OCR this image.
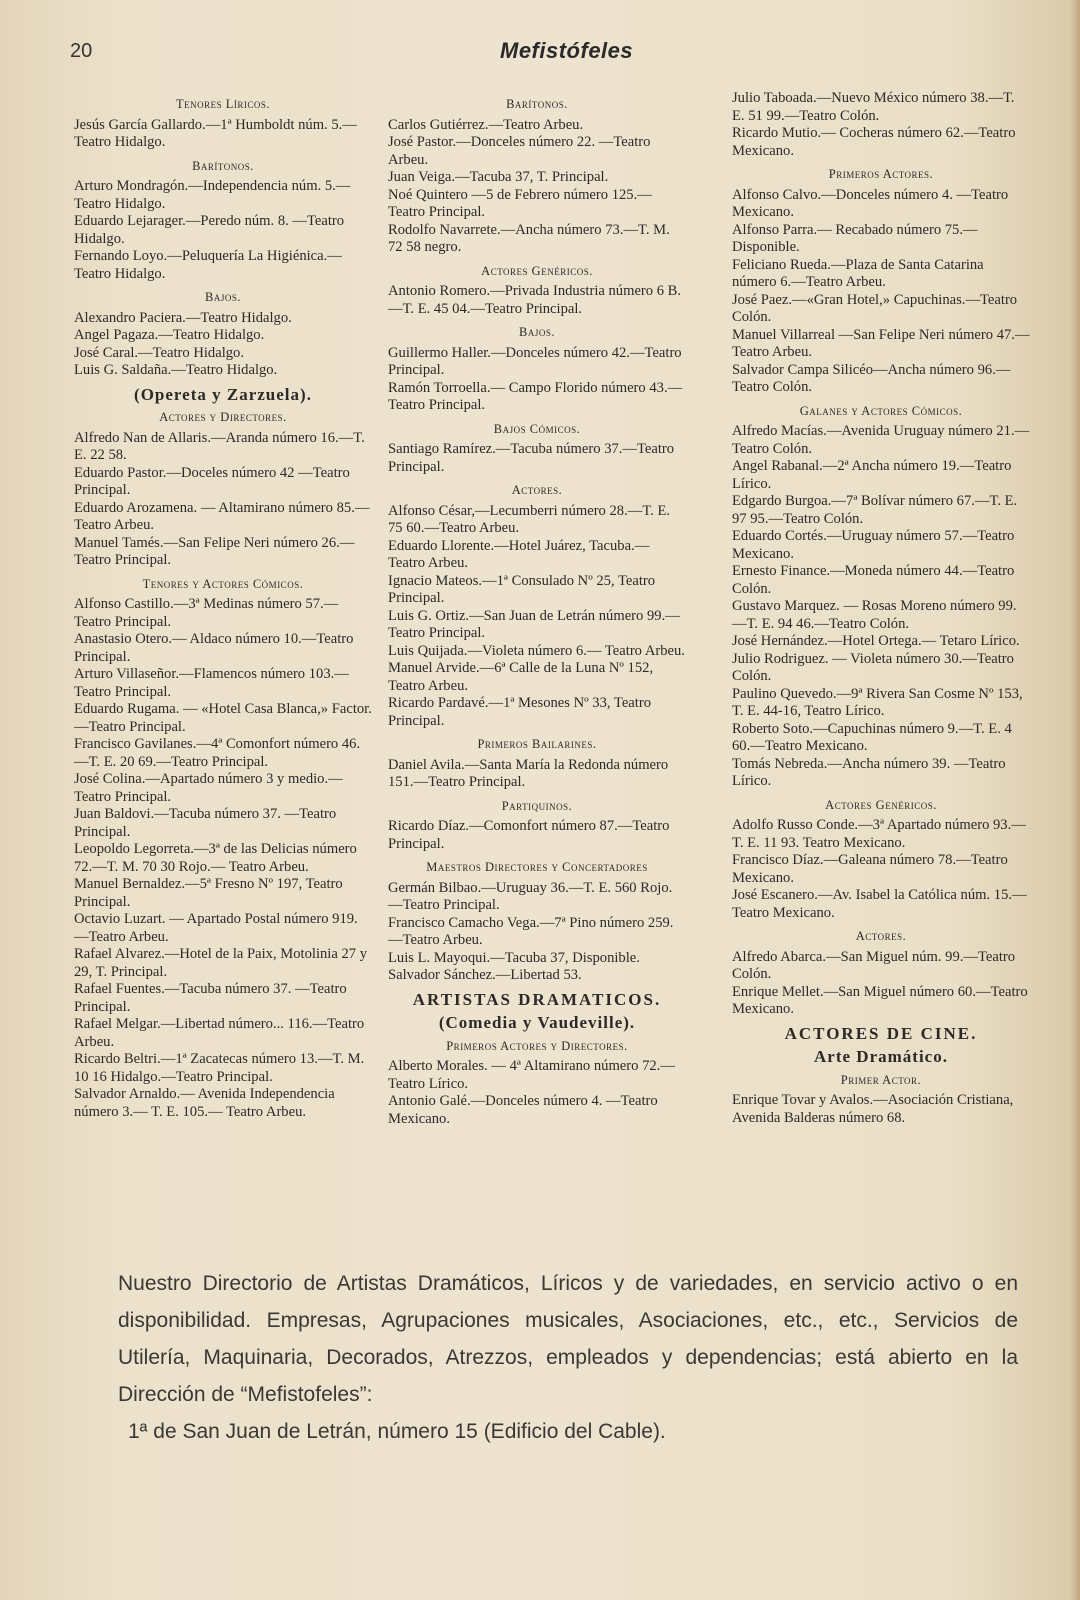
20	Mefistófeles
Tenores Líricos.
Jesús García Gallardo.—1ª Humboldt núm. 5.—Teatro Hidalgo.
Barítonos.
Arturo Mondragón.—Independencia núm. 5.—Teatro Hidalgo.
Eduardo Lejarager.—Peredo núm. 8. —Teatro Hidalgo.
Fernando Loyo.—Peluquería La Higiénica.—Teatro Hidalgo.
Bajos.
Alexandro Paciera.—Teatro Hidalgo.
Angel Pagaza.—Teatro Hidalgo.
José Caral.—Teatro Hidalgo.
Luis G. Saldaña.—Teatro Hidalgo.
(Opereta y Zarzuela).
Actores y Directores.
Alfredo Nan de Allaris.—Aranda número 16.—T. E. 22 58.
Eduardo Pastor.—Doceles número 42 —Teatro Principal.
Eduardo Arozamena. — Altamirano número 85.—Teatro Arbeu.
Manuel Tamés.—San Felipe Neri número 26.—Teatro Principal.
Tenores y Actores Cómicos.
Alfonso Castillo.—3ª Medinas número 57.—Teatro Principal.
Anastasio Otero.— Aldaco número 10.—Teatro Principal.
Arturo Villaseñor.—Flamencos número 103.—Teatro Principal.
Eduardo Rugama. — «Hotel Casa Blanca,» Factor.—Teatro Principal.
Francisco Gavilanes.—4ª Comonfort número 46.—T. E. 20 69.—Teatro Principal.
José Colina.—Apartado número 3 y medio.—Teatro Principal.
Juan Baldovi.—Tacuba número 37. —Teatro Principal.
Leopoldo Legorreta.—3ª de las Delicias número 72.—T. M. 70 30 Rojo.— Teatro Arbeu.
Manuel Bernaldez.—5ª Fresno Nº 197, Teatro Principal.
Octavio Luzart. — Apartado Postal número 919.—Teatro Arbeu.
Rafael Alvarez.—Hotel de la Paix, Motolinia 27 y 29, T. Principal.
Rafael Fuentes.—Tacuba número 37. —Teatro Principal.
Rafael Melgar.—Libertad número... 116.—Teatro Arbeu.
Ricardo Beltri.—1ª Zacatecas número 13.—T. M. 10 16 Hidalgo.—Teatro Principal.
Salvador Arnaldo.— Avenida Independencia número 3.— T. E. 105.— Teatro Arbeu.
Barítonos.
Carlos Gutiérrez.—Teatro Arbeu.
José Pastor.—Donceles número 22. —Teatro Arbeu.
Juan Veiga.—Tacuba 37, T. Principal.
Noé Quintero —5 de Febrero número 125.—Teatro Principal.
Rodolfo Navarrete.—Ancha número 73.—T. M. 72 58 negro.
Actores Genéricos.
Antonio Romero.—Privada Industria número 6 B.—T. E. 45 04.—Teatro Principal.
Bajos.
Guillermo Haller.—Donceles número 42.—Teatro Principal.
Ramón Torroella.— Campo Florido número 43.—Teatro Principal.
Bajos Cómicos.
Santiago Ramírez.—Tacuba número 37.—Teatro Principal.
Actores.
Alfonso César,—Lecumberri número 28.—T. E. 75 60.—Teatro Arbeu.
Eduardo Llorente.—Hotel Juárez, Tacuba.—Teatro Arbeu.
Ignacio Mateos.—1ª Consulado Nº 25, Teatro Principal.
Luis G. Ortiz.—San Juan de Letrán número 99.—Teatro Principal.
Luis Quijada.—Violeta número 6.— Teatro Arbeu.
Manuel Arvide.—6ª Calle de la Luna Nº 152, Teatro Arbeu.
Ricardo Pardavé.—1ª Mesones Nº 33, Teatro Principal.
Primeros Bailarines.
Daniel Avila.—Santa María la Redonda número 151.—Teatro Principal.
Partiquinos.
Ricardo Díaz.—Comonfort número 87.—Teatro Principal.
Maestros Directores y Concertadores
Germán Bilbao.—Uruguay 36.—T. E. 560 Rojo.—Teatro Principal.
Francisco Camacho Vega.—7ª Pino número 259.—Teatro Arbeu.
Luis L. Mayoqui.—Tacuba 37, Disponible.
Salvador Sánchez.—Libertad 53.
ARTISTAS DRAMATICOS.
(Comedia y Vaudeville).
Primeros Actores y Directores.
Alberto Morales. — 4ª Altamirano número 72.—Teatro Lírico.
Antonio Galé.—Donceles número 4. —Teatro Mexicano.
Julio Taboada.—Nuevo México número 38.—T. E. 51 99.—Teatro Colón.
Ricardo Mutio.— Cocheras número 62.—Teatro Mexicano.
Primeros Actores.
Alfonso Calvo.—Donceles número 4. —Teatro Mexicano.
Alfonso Parra.— Recabado número 75.—Disponible.
Feliciano Rueda.—Plaza de Santa Catarina número 6.—Teatro Arbeu.
José Paez.—«Gran Hotel,» Capuchinas.—Teatro Colón.
Manuel Villarreal —San Felipe Neri número 47.—Teatro Arbeu.
Salvador Campa Silicéo—Ancha número 96.—Teatro Colón.
Galanes y Actores Cómicos.
Alfredo Macías.—Avenida Uruguay número 21.—Teatro Colón.
Angel Rabanal.—2ª Ancha número 19.—Teatro Lírico.
Edgardo Burgoa.—7ª Bolívar número 67.—T. E. 97 95.—Teatro Colón.
Eduardo Cortés.—Uruguay número 57.—Teatro Mexicano.
Ernesto Finance.—Moneda número 44.—Teatro Colón.
Gustavo Marquez. — Rosas Moreno número 99.—T. E. 94 46.—Teatro Colón.
José Hernández.—Hotel Ortega.— Tetaro Lírico.
Julio Rodriguez. — Violeta número 30.—Teatro Colón.
Paulino Quevedo.—9ª Rivera San Cosme Nº 153, T. E. 44-16, Teatro Lírico.
Roberto Soto.—Capuchinas número 9.—T. E. 4 60.—Teatro Mexicano.
Tomás Nebreda.—Ancha número 39. —Teatro Lírico.
Actores Genéricos.
Adolfo Russo Conde.—3ª Apartado número 93.—T. E. 11 93. Teatro Mexicano.
Francisco Díaz.—Galeana número 78.—Teatro Mexicano.
José Escanero.—Av. Isabel la Católica núm. 15.—Teatro Mexicano.
Actores.
Alfredo Abarca.—San Miguel núm. 99.—Teatro Colón.
Enrique Mellet.—San Miguel número 60.—Teatro Mexicano.
ACTORES DE CINE.
Arte Dramático.
Primer Actor.
Enrique Tovar y Avalos.—Asociación Cristiana, Avenida Balderas número 68.

Nuestro Directorio de Artistas Dramáticos, Líricos y de variedades, en servicio activo o en disponibilidad. Empresas, Agrupaciones musicales, Asociaciones, etc., etc., Servicios de Utilería, Maquinaria, Decorados, Atrezzos, empleados y dependencias; está abierto en la Dirección de “Mefistofeles”:

1ª de San Juan de Letrán, número 15 (Edificio del Cable).
